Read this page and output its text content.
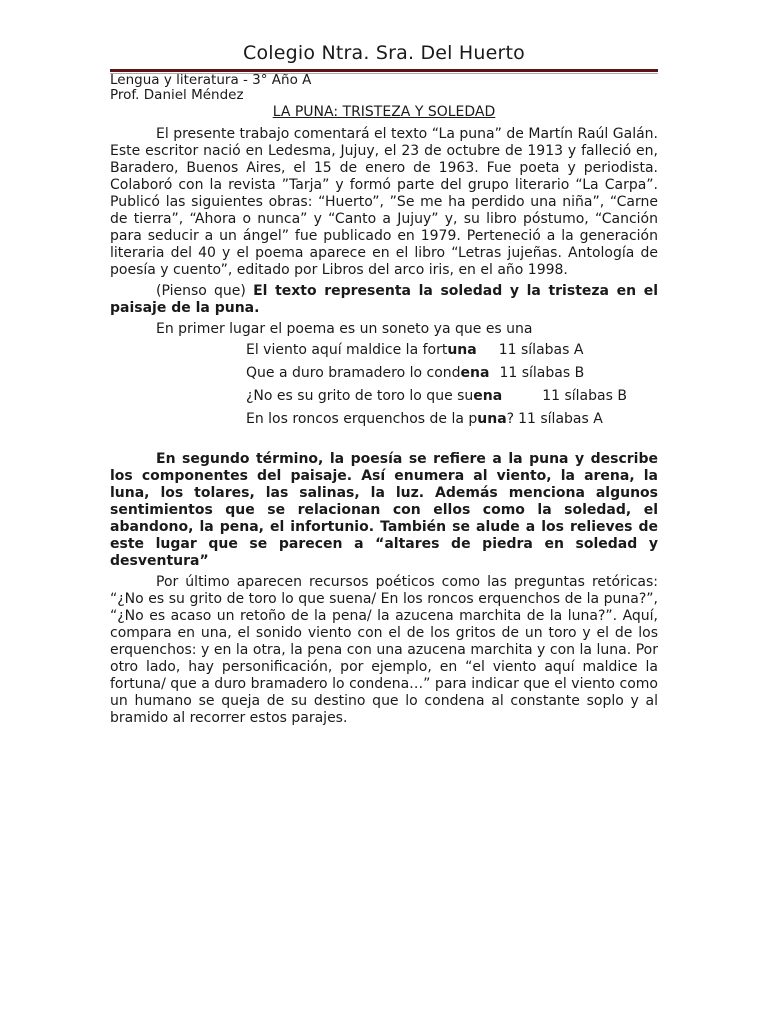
Colegio Ntra. Sra. Del Huerto
Lengua y literatura - 3° Año A
Prof. Daniel Méndez
LA PUNA: TRISTEZA Y SOLEDAD

El presente trabajo comentará el texto “La puna” de Martín Raúl Galán. Este escritor nació en Ledesma, Jujuy, el 23 de octubre de 1913 y falleció en, Baradero, Buenos Aires, el 15 de enero de 1963. Fue poeta y periodista. Colaboró con la revista ”Tarja” y formó parte del grupo literario “La Carpa”. Publicó las siguientes obras: “Huerto”, ”Se me ha perdido una niña”, “Carne de tierra”, “Ahora o nunca” y “Canto a Jujuy” y, su libro póstumo, “Canción para seducir a un ángel” fue publicado en 1979. Perteneció a la generación literaria del 40 y el poema aparece en el libro “Letras jujeñas. Antología de poesía y cuento”, editado por Libros del arco iris, en el año 1998.

(Pienso que) El texto representa la soledad y la tristeza en el paisaje de la puna.

En primer lugar el poema es un soneto ya que es una

El viento aquí maldice la fortuna 11 sílabas A
Que a duro bramadero lo condena 11 sílabas B
¿No es su grito de toro lo que suena	11 sílabas B
En los roncos erquenchos de la puna? 11 sílabas A

En segundo término, la poesía se refiere a la puna y describe los componentes del paisaje. Así enumera al viento, la arena, la luna, los tolares, las salinas, la luz. Además menciona algunos sentimientos que se relacionan con ellos como la soledad, el abandono, la pena, el infortunio. También se alude a los relieves de este lugar que se parecen a “altares de piedra en soledad y desventura”

Por último aparecen recursos poéticos como las preguntas retóricas: “¿No es su grito de toro lo que suena/ En los roncos erquenchos de la puna?”, “¿No es acaso un retoño de la pena/ la azucena marchita de la luna?”. Aquí, compara en una, el sonido viento con el de los gritos de un toro y el de los erquenchos: y en la otra, la pena con una azucena marchita y con la luna. Por otro lado, hay personificación, por ejemplo, en “el viento aquí maldice la fortuna/ que a duro bramadero lo condena…” para indicar que el viento como un humano se queja de su destino que lo condena al constante soplo y al bramido al recorrer estos parajes.
